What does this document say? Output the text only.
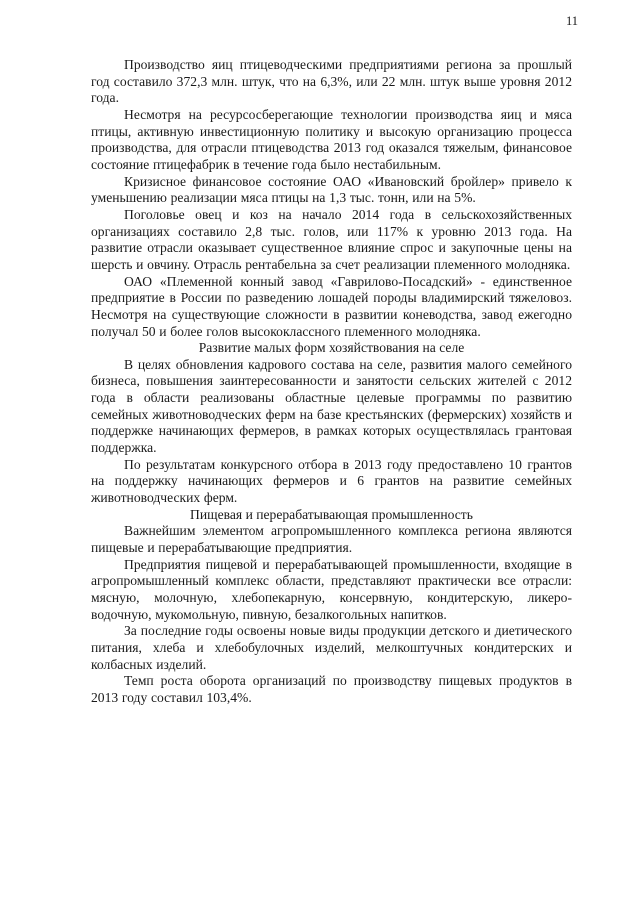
11

Производство яиц птицеводческими предприятиями региона за прошлый год составило 372,3 млн. штук, что на 6,3%, или 22 млн. штук выше уровня 2012 года.

Несмотря на ресурсосберегающие технологии производства яиц и мяса птицы, активную инвестиционную политику и высокую организацию процесса производства, для отрасли птицеводства 2013 год оказался тяжелым, финансовое состояние птицефабрик в течение года было нестабильным.

Кризисное финансовое состояние ОАО «Ивановский бройлер» привело к уменьшению реализации мяса птицы на 1,3 тыс. тонн, или на 5%.

Поголовье овец и коз на начало 2014 года в сельскохозяйственных организациях составило 2,8 тыс. голов, или 117% к уровню 2013 года. На развитие отрасли оказывает существенное влияние спрос и закупочные цены на шерсть и овчину. Отрасль рентабельна за счет реализации племенного молодняка.

ОАО «Племенной конный завод «Гаврилово-Посадский» - единственное предприятие в России по разведению лошадей породы владимирский тяжеловоз. Несмотря на существующие сложности в развитии коневодства, завод ежегодно получал 50 и более голов высококлассного племенного молодняка.

Развитие малых форм хозяйствования на селе

В целях обновления кадрового состава на селе, развития малого семейного бизнеса, повышения заинтересованности и занятости сельских жителей с 2012 года в области реализованы областные целевые программы по развитию семейных животноводческих ферм на базе крестьянских (фермерских) хозяйств и поддержке начинающих фермеров, в рамках которых осуществлялась грантовая поддержка.

По результатам конкурсного отбора в 2013 году предоставлено 10 грантов на поддержку начинающих фермеров и 6 грантов на развитие семейных животноводческих ферм.

Пищевая и перерабатывающая промышленность

Важнейшим элементом агропромышленного комплекса региона являются пищевые и перерабатывающие предприятия.

Предприятия пищевой и перерабатывающей промышленности, входящие в агропромышленный комплекс области, представляют практически все отрасли: мясную, молочную, хлебопекарную, консервную, кондитерскую, ликеро-водочную, мукомольную, пивную, безалкогольных напитков.

За последние годы освоены новые виды продукции детского и диетического питания, хлеба и хлебобулочных изделий, мелкоштучных кондитерских и колбасных изделий.

Темп роста оборота организаций по производству пищевых продуктов в 2013 году составил 103,4%.
